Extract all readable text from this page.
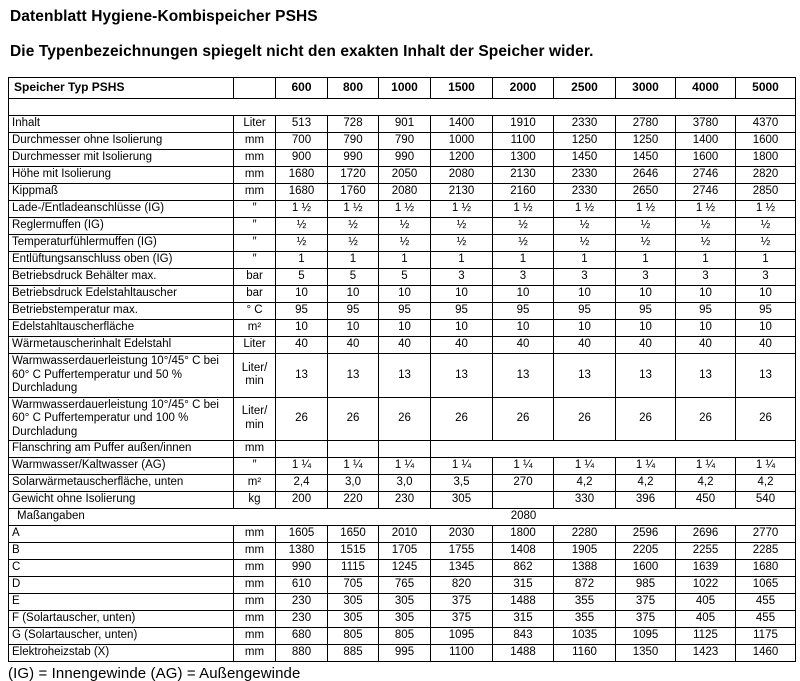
Datenblatt Hygiene-Kombispeicher PSHS
Die Typenbezeichnungen spiegelt nicht den exakten Inhalt der Speicher wider.
Speicher Typ PSHS		600	800	1000	1500	2000	2500	3000	4000	5000

Inhalt	Liter	513	728	901	1400	1910	2330	2780	3780	4370
Durchmesser ohne Isolierung	mm	700	790	790	1000	1100	1250	1250	1400	1600
Durchmesser mit Isolierung	mm	900	990	990	1200	1300	1450	1450	1600	1800
Höhe mit Isolierung	mm	1680	1720	2050	2080	2130	2330	2646	2746	2820
Kippmaß	mm	1680	1760	2080	2130	2160	2330	2650	2746	2850
Lade-/Entladeanschlüsse (IG)	″	1 ½	1 ½	1 ½	1 ½	1 ½	1 ½	1 ½	1 ½	1 ½
Reglermuffen (IG)	″	½	½	½	½	½	½	½	½	½
Temperaturfühlermuffen (IG)	″	½	½	½	½	½	½	½	½	½
Entlüftungsanschluss oben (IG)	″	1	1	1	1	1	1	1	1	1
Betriebsdruck Behälter max.	bar	5	5	5	3	3	3	3	3	3
Betriebsdruck Edelstahltauscher	bar	10	10	10	10	10	10	10	10	10
Betriebstemperatur max.	° C	95	95	95	95	95	95	95	95	95
Edelstahltauscherfläche	m²	10	10	10	10	10	10	10	10	10
Wärmetauscherinhalt Edelstahl	Liter	40	40	40	40	40	40	40	40	40
Warmwasserdauerleistung 10°/45° C bei 60° C Puffertemperatur und 50 % Durchladung	Liter/ min	13	13	13	13	13	13	13	13	13
Warmwasserdauerleistung 10°/45° C bei 60° C Puffertemperatur und 100 % Durchladung	Liter/ min	26	26	26	26	26	26	26	26	26
Flanschring am Puffer außen/innen	mm									
Warmwasser/Kaltwasser (AG)	″	1 ¼	1 ¼	1 ¼	1 ¼	1 ¼	1 ¼	1 ¼	1 ¼	1 ¼
Solarwärmetauscherfläche, unten	m²	2,4	3,0	3,0	3,5	270	4,2	4,2	4,2	4,2
Gewicht ohne Isolierung	kg	200	220	230	305		330	396	450	540
Maßangaben 2080										

A	mm	1605	1650	2010	2030	1800	2280	2596	2696	2770
B	mm	1380	1515	1705	1755	1408	1905	2205	2255	2285
C	mm	990	1115	1245	1345	862	1388	1600	1639	1680
D	mm	610	705	765	820	315	872	985	1022	1065
E	mm	230	305	305	375	1488	355	375	405	455
F (Solartauscher, unten)	mm	230	305	305	375	315	355	375	405	455
G (Solartauscher, unten)	mm	680	805	805	1095	843	1035	1095	1125	1175
Elektroheizstab (X)	mm	880	885	995	1100	1488	1160	1350	1423	1460
(IG) = Innengewinde (AG) = Außengewinde
